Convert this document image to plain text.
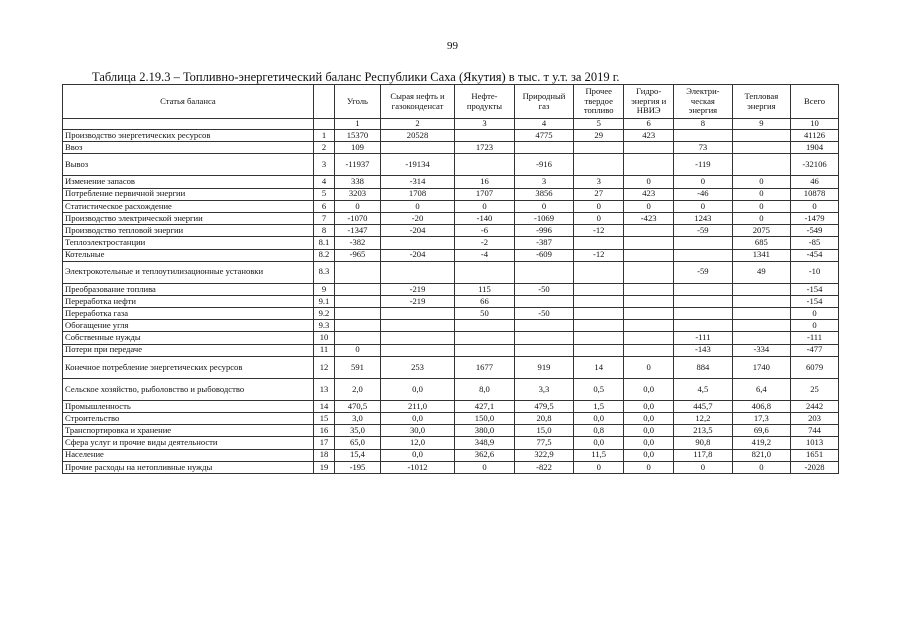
99
Таблица 2.19.3 – Топливно-энергетический баланс Республики Саха (Якутия) в тыс. т у.т. за 2019 г.
Статья баланса		Уголь	Сырая нефть и газоконденсат	Нефте-продукты	Природный газ	Прочее твердое топливо	Гидро-энергия и НВИЭ	Электри-ческая энергия	Тепловая энергия	Всего
		1	2	3	4	5	6	8	9	10
Производство энергетических ресурсов	1	15370	20528		4775	29	423			41126
Ввоз	2	109		1723				73		1904
Вывоз	3	-11937	-19134		-916			-119		-32106
Изменение запасов	4	338	-314	16	3	3	0	0	0	46
Потребление первичной энергии	5	3203	1708	1707	3856	27	423	-46	0	10878
Статистическое расхождение	6	0	0	0	0	0	0	0	0	0
Производство электрической энергии	7	-1070	-20	-140	-1069	0	-423	1243	0	-1479
Производство тепловой энергии	8	-1347	-204	-6	-996	-12		-59	2075	-549
Теплоэлектростанции	8.1	-382		-2	-387				685	-85
Котельные	8.2	-965	-204	-4	-609	-12			1341	-454
Электрокотельные и теплоутилизационные установки	8.3							-59	49	-10
Преобразование топлива	9		-219	115	-50					-154
Переработка нефти	9.1		-219	66						-154
Переработка газа	9.2			50	-50					0
Обогащение угля	9.3									0
Собственные нужды	10							-111		-111
Потери при передаче	11	0						-143	-334	-477
Конечное потребление энергетических ресурсов	12	591	253	1677	919	14	0	884	1740	6079
Сельское хозяйство, рыболовство и рыбоводство	13	2,0	0,0	8,0	3,3	0,5	0,0	4,5	6,4	25
Промышленность	14	470,5	211,0	427,1	479,5	1,5	0,0	445,7	406,8	2442
Строительство	15	3,0	0,0	150,0	20,8	0,0	0,0	12,2	17,3	203
Транспортировка и хранение	16	35,0	30,0	380,0	15,0	0,8	0,0	213,5	69,6	744
Сфера услуг и прочие виды деятельности	17	65,0	12,0	348,9	77,5	0,0	0,0	90,8	419,2	1013
Население	18	15,4	0,0	362,6	322,9	11,5	0,0	117,8	821,0	1651
Прочие расходы на нетопливные нужды	19	-195	-1012	0	-822	0	0	0	0	-2028
